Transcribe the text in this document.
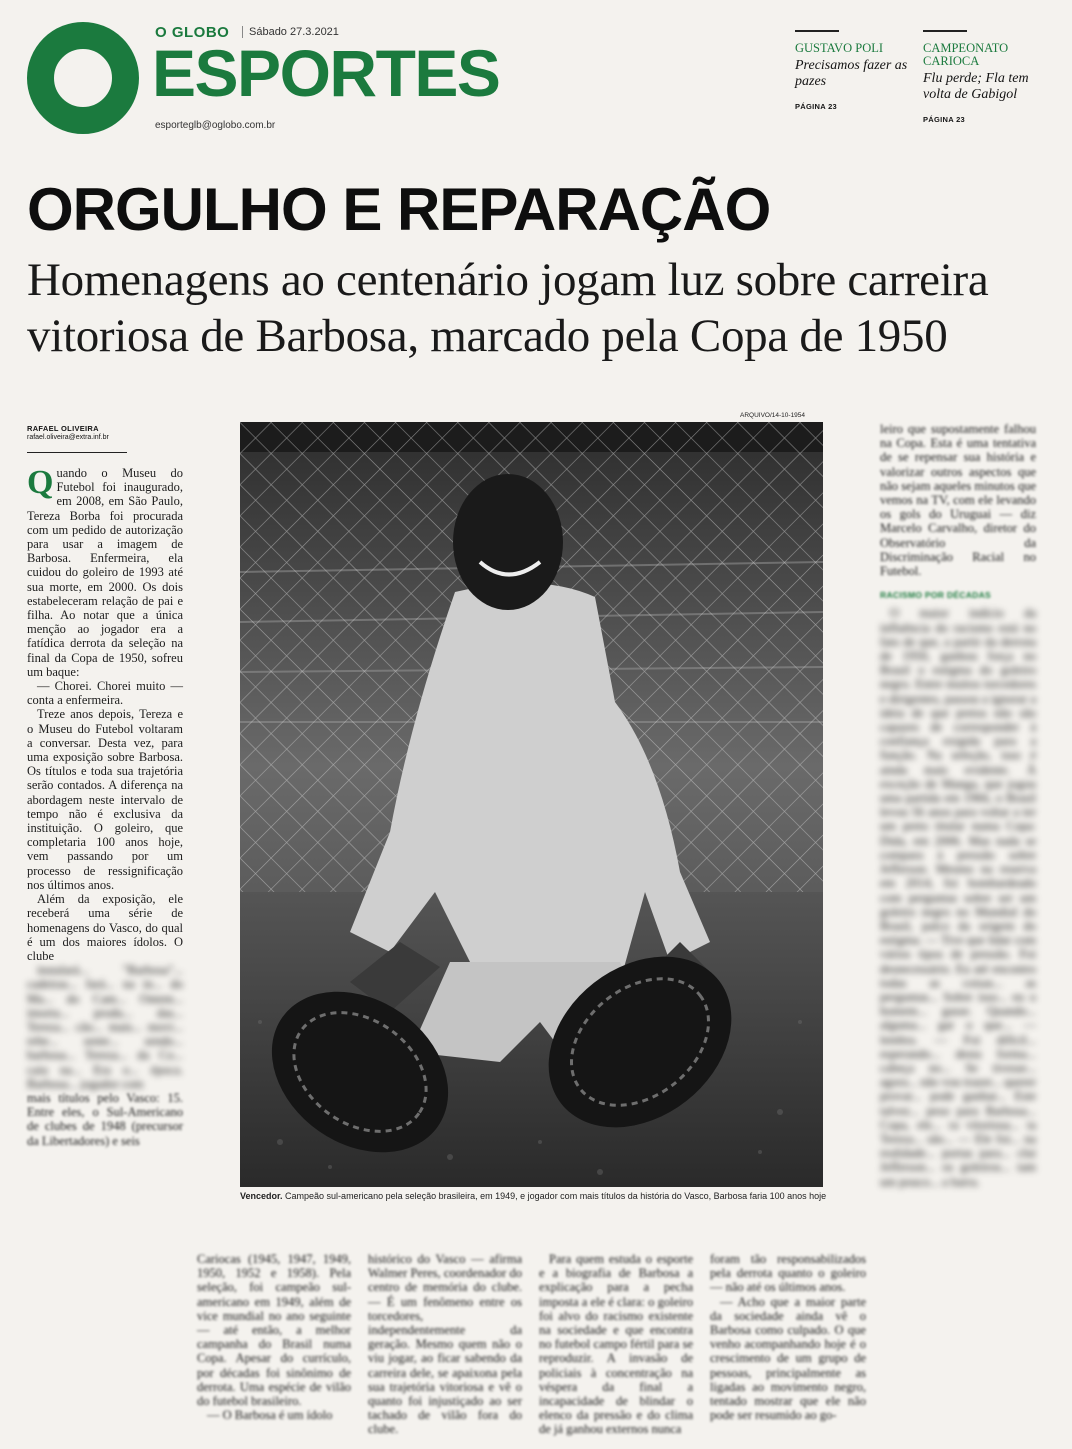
O GLOBO	Sábado 27.3.2021
ESPORTES
esporteglb@oglobo.com.br
GUSTAVO POLI
Precisamos fazer as pazes
PÁGINA 23
CAMPEONATO CARIOCA
Flu perde; Fla tem volta de Gabigol
PÁGINA 23
ORGULHO E REPARAÇÃO
Homenagens ao centenário jogam luz sobre carreira vitoriosa de Barbosa, marcado pela Copa de 1950
RAFAEL OLIVEIRA
rafael.oliveira@extra.inf.br

Quando o Museu do Futebol foi inaugurado, em 2008, em São Paulo, Tereza Borba foi procurada com um pedido de autorização para usar a imagem de Barbosa. Enfermeira, ela cuidou do goleiro de 1993 até sua morte, em 2000. Os dois estabeleceram relação de pai e filha. Ao notar que a única menção ao jogador era a fatídica derrota da seleção na final da Copa de 1950, sofreu um baque:

— Chorei. Chorei muito — conta a enfermeira.

Treze anos depois, Tereza e o Museu do Futebol voltaram a conversar. Desta vez, para uma exposição sobre Barbosa. Os títulos e toda sua trajetória serão contados. A diferença na abordagem neste intervalo de tempo não é exclusiva da instituição. O goleiro, que completaria 100 anos hoje, vem passando por um processo de ressignificação nos últimos anos.

Além da exposição, ele receberá uma série de homenagens do Vasco, do qual é um dos maiores ídolos. O clube

instalará... "Barbosa"... cadeiras... fará... na in... do Ma... do Cam... Ontem... imorta... produ... das... Tereza... cão... mais... movi... rebe... sente... sendo... barbosa... Tereza... da Co... caiu na... Era o... época. Barbosa... jogador com

mais títulos pelo Vasco: 15. Entre eles, o Sul-Americano de clubes de 1948 (precursor da Libertadores) e seis

ARQUIVO/14-10-1954
Vencedor. Campeão sul-americano pela seleção brasileira, em 1949, e jogador com mais títulos da história do Vasco, Barbosa faria 100 anos hoje

Cariocas (1945, 1947, 1949, 1950, 1952 e 1958). Pela seleção, foi campeão sul-americano em 1949, além de vice mundial no ano seguinte — até então, a melhor campanha do Brasil numa Copa. Apesar do currículo, por décadas foi sinônimo de derrota. Uma espécie de vilão do futebol brasileiro.

— O Barbosa é um ídolo

histórico do Vasco — afirma Walmer Peres, coordenador do centro de memória do clube. — É um fenômeno entre os torcedores, independentemente da geração. Mesmo quem não o viu jogar, ao ficar sabendo da carreira dele, se apaixona pela sua trajetória vitoriosa e vê o quanto foi injustiçado ao ser tachado de vilão fora do clube.

Para quem estuda o esporte e a biografia de Barbosa a explicação para a pecha imposta a ele é clara: o goleiro foi alvo do racismo existente na sociedade e que encontra no futebol campo fértil para se reproduzir. A invasão de policiais à concentração na véspera da final a incapacidade de blindar o elenco da pressão e do clima de já ganhou externos nunca

foram tão responsabilizados pela derrota quanto o goleiro — não até os últimos anos.

— Acho que a maior parte da sociedade ainda vê o Barbosa como culpado. O que venho acompanhando hoje é o crescimento de um grupo de pessoas, principalmente as ligadas ao movimento negro, tentado mostrar que ele não pode ser resumido ao go-

leiro que supostamente falhou na Copa. Esta é uma tentativa de se repensar sua história e valorizar outros aspectos que não sejam aqueles minutos que vemos na TV, com ele levando os gols do Uruguai — diz Marcelo Carvalho, diretor do Observatório da Discriminação Racial no Futebol.

RACISMO POR DÉCADAS

O maior indício da influência do racismo está no fato de que, a partir da derrota de 1950, ganhou força no Brasil o estigma do goleiro negro. Entre muitos torcedores e dirigentes, passou a ignorar a ideia de que pretos não são capazes de corresponder à confiança exigida para a função. Na seleção, isso é ainda mais evidente. À exceção de Manga, que jogou uma partida em 1966, o Brasil levou 56 anos para voltar a ter um preto titular numa Copa: Dida, em 2006. Mas nada se compara à pressão sobre Jefferson. Mesmo na reserva em 2014, foi bombardeado com perguntas sobre ser um goleiro negro no Mundial do Brasil, palco da origem do estigma. — Tive que lidar com vários tipos de pressão. Foi desnecessário. Eu até encontro todas as coisas... as perguntas... Sobre isso... eu o homem... gasse. Quando... alguma... gar o que... — lembra. — Foi difícil... esperando... desta forma... cabeça no... Se tivesse... agora... não vou trazer... querer provar... pode ganhar... Este talvez... peso para Barbosa... Copa, ele... ra vitoriosa... ta Tereza... são... — Ele foi... na realidade... portas para... clui Jefferson... os goleiros... tam um pouco... a barra.
